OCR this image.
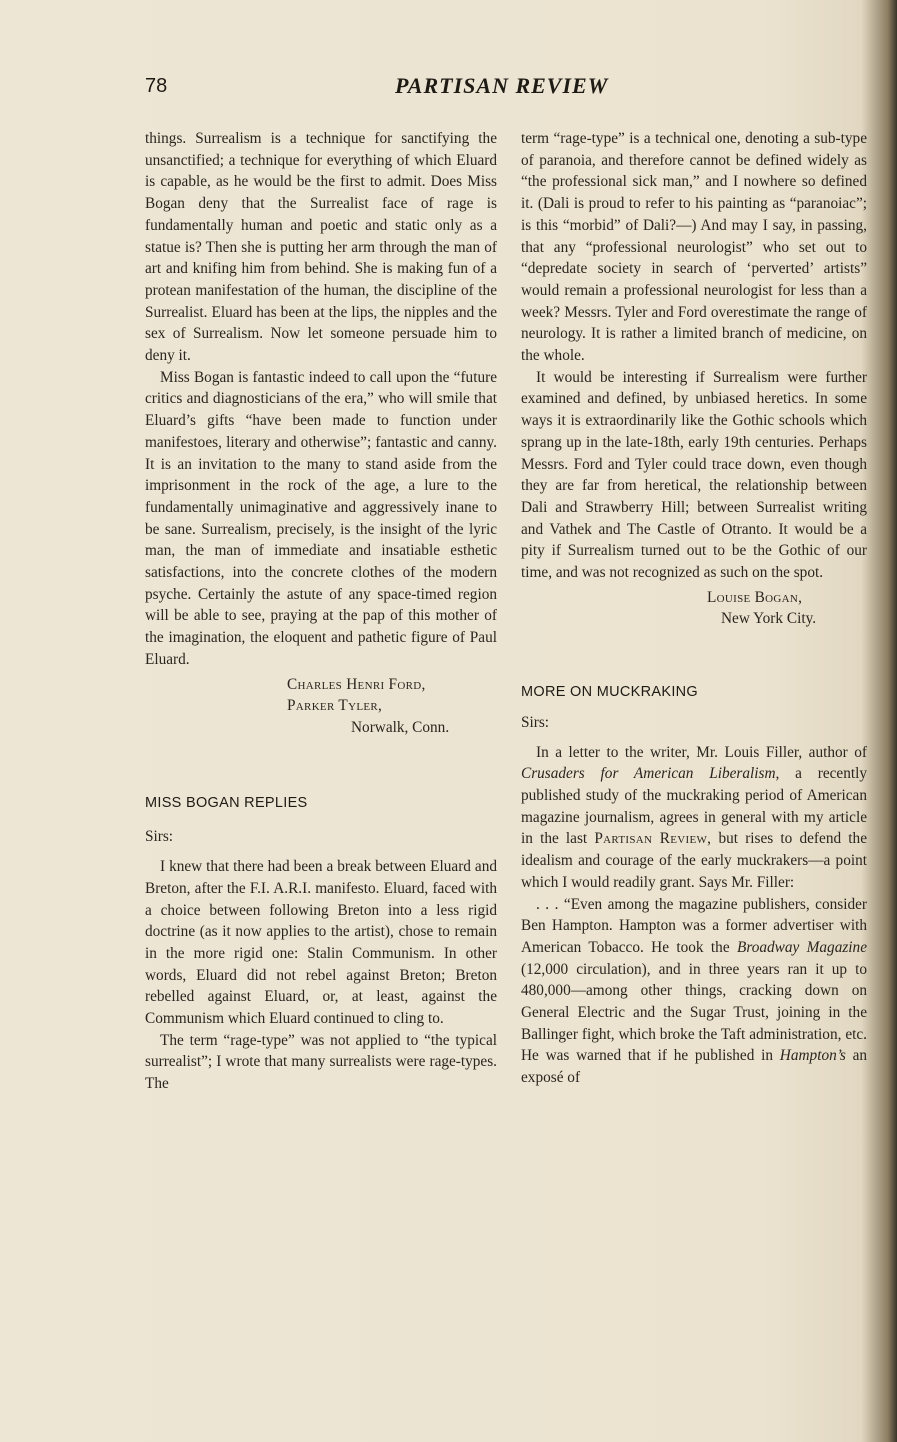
78	PARTISAN REVIEW

things. Surrealism is a technique for sanctifying the unsanctified; a technique for everything of which Eluard is capable, as he would be the first to admit. Does Miss Bogan deny that the Surrealist face of rage is fundamentally human and poetic and static only as a statue is? Then she is putting her arm through the man of art and knifing him from behind. She is making fun of a protean manifestation of the human, the discipline of the Surrealist. Eluard has been at the lips, the nipples and the sex of Surrealism. Now let someone persuade him to deny it.

Miss Bogan is fantastic indeed to call upon the “future critics and diagnosticians of the era,” who will smile that Eluard’s gifts “have been made to function under manifestoes, literary and otherwise”; fantastic and canny. It is an invitation to the many to stand aside from the imprisonment in the rock of the age, a lure to the fundamentally unimaginative and aggressively inane to be sane. Surrealism, precisely, is the insight of the lyric man, the man of immediate and insatiable esthetic satisfactions, into the concrete clothes of the modern psyche. Certainly the astute of any space-timed region will be able to see, praying at the pap of this mother of the imagination, the eloquent and pathetic figure of Paul Eluard.

Charles Henri Ford,
Parker Tyler,
Norwalk, Conn.

MISS BOGAN REPLIES

Sirs:

I knew that there had been a break between Eluard and Breton, after the F.I. A.R.I. manifesto. Eluard, faced with a choice between following Breton into a less rigid doctrine (as it now applies to the artist), chose to remain in the more rigid one: Stalin Communism. In other words, Eluard did not rebel against Breton; Breton rebelled against Eluard, or, at least, against the Communism which Eluard continued to cling to.

The term “rage-type” was not applied to “the typical surrealist”; I wrote that many surrealists were rage-types. The

term “rage-type” is a technical one, denoting a sub-type of paranoia, and therefore cannot be defined widely as “the professional sick man,” and I nowhere so defined it. (Dali is proud to refer to his painting as “paranoiac”; is this “morbid” of Dali?—) And may I say, in passing, that any “professional neurologist” who set out to “depredate society in search of ‘perverted’ artists” would remain a professional neurologist for less than a week? Messrs. Tyler and Ford overestimate the range of neurology. It is rather a limited branch of medicine, on the whole.

It would be interesting if Surrealism were further examined and defined, by unbiased heretics. In some ways it is extraordinarily like the Gothic schools which sprang up in the late-18th, early 19th centuries. Perhaps Messrs. Ford and Tyler could trace down, even though they are far from heretical, the relationship between Dali and Strawberry Hill; between Surrealist writing and Vathek and The Castle of Otranto. It would be a pity if Surrealism turned out to be the Gothic of our time, and was not recognized as such on the spot.

Louise Bogan,
New York City.

MORE ON MUCKRAKING

Sirs:

In a letter to the writer, Mr. Louis Filler, author of Crusaders for American Liberalism, a recently published study of the muckraking period of American magazine journalism, agrees in general with my article in the last Partisan Review, but rises to defend the idealism and courage of the early muckrakers—a point which I would readily grant. Says Mr. Filler:

. . . “Even among the magazine publishers, consider Ben Hampton. Hampton was a former advertiser with American Tobacco. He took the Broadway Magazine (12,000 circulation), and in three years ran it up to 480,000—among other things, cracking down on General Electric and the Sugar Trust, joining in the Ballinger fight, which broke the Taft administration, etc. He was warned that if he published in Hampton’s an exposé of
